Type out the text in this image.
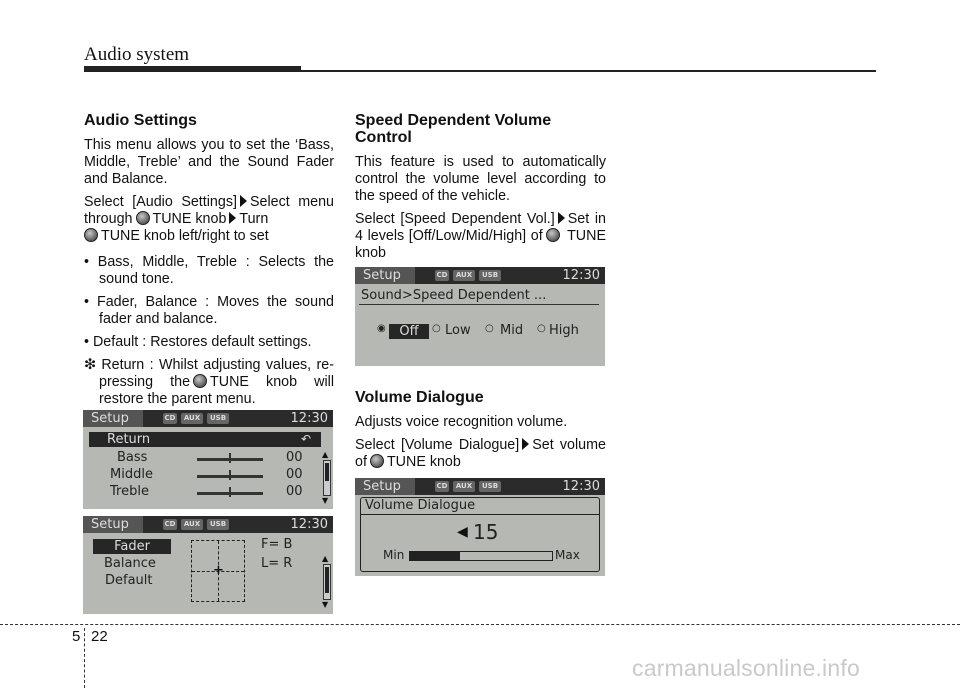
Audio system
Audio Settings

This menu allows you to set the ‘Bass, Middle, Treble’ and the Sound Fader and Balance.

Select [Audio Settings] Select menu through TUNE knob Turn
TUNE knob left/right to set

• Bass, Middle, Treble : Selects the sound tone.
• Fader, Balance : Moves the sound fader and balance.
• Default : Restores default settings.
❇ Return : Whilst adjusting values, re-pressing the TUNE knob will restore the parent menu.
Setup	CD	AUX	USB	12:30
Return	↶
Bass	00
Middle	00
Treble	00
▲
▼
Setup	CD	AUX	USB	12:30
Fader
Balance
Default
+
F= B
L= R	▲
▼
Speed Dependent Volume Control

This feature is used to automatically control the volume level according to the speed of the vehicle.

Select [Speed Dependent Vol.] Set in 4 levels [Off/Low/Mid/High] of TUNE knob

Volume Dialogue

Adjusts voice recognition volume.

Select [Volume Dialogue] Set volume of TUNE knob

Setup	CD	AUX	USB	12:30
Sound>Speed Dependent ...
◉	Off	○ Low ○ Mid ○ High
Setup	CD	AUX	USB	12:30
Volume Dialogue
◀ 15
Min	Max
5 22
carmanualsonline.info
